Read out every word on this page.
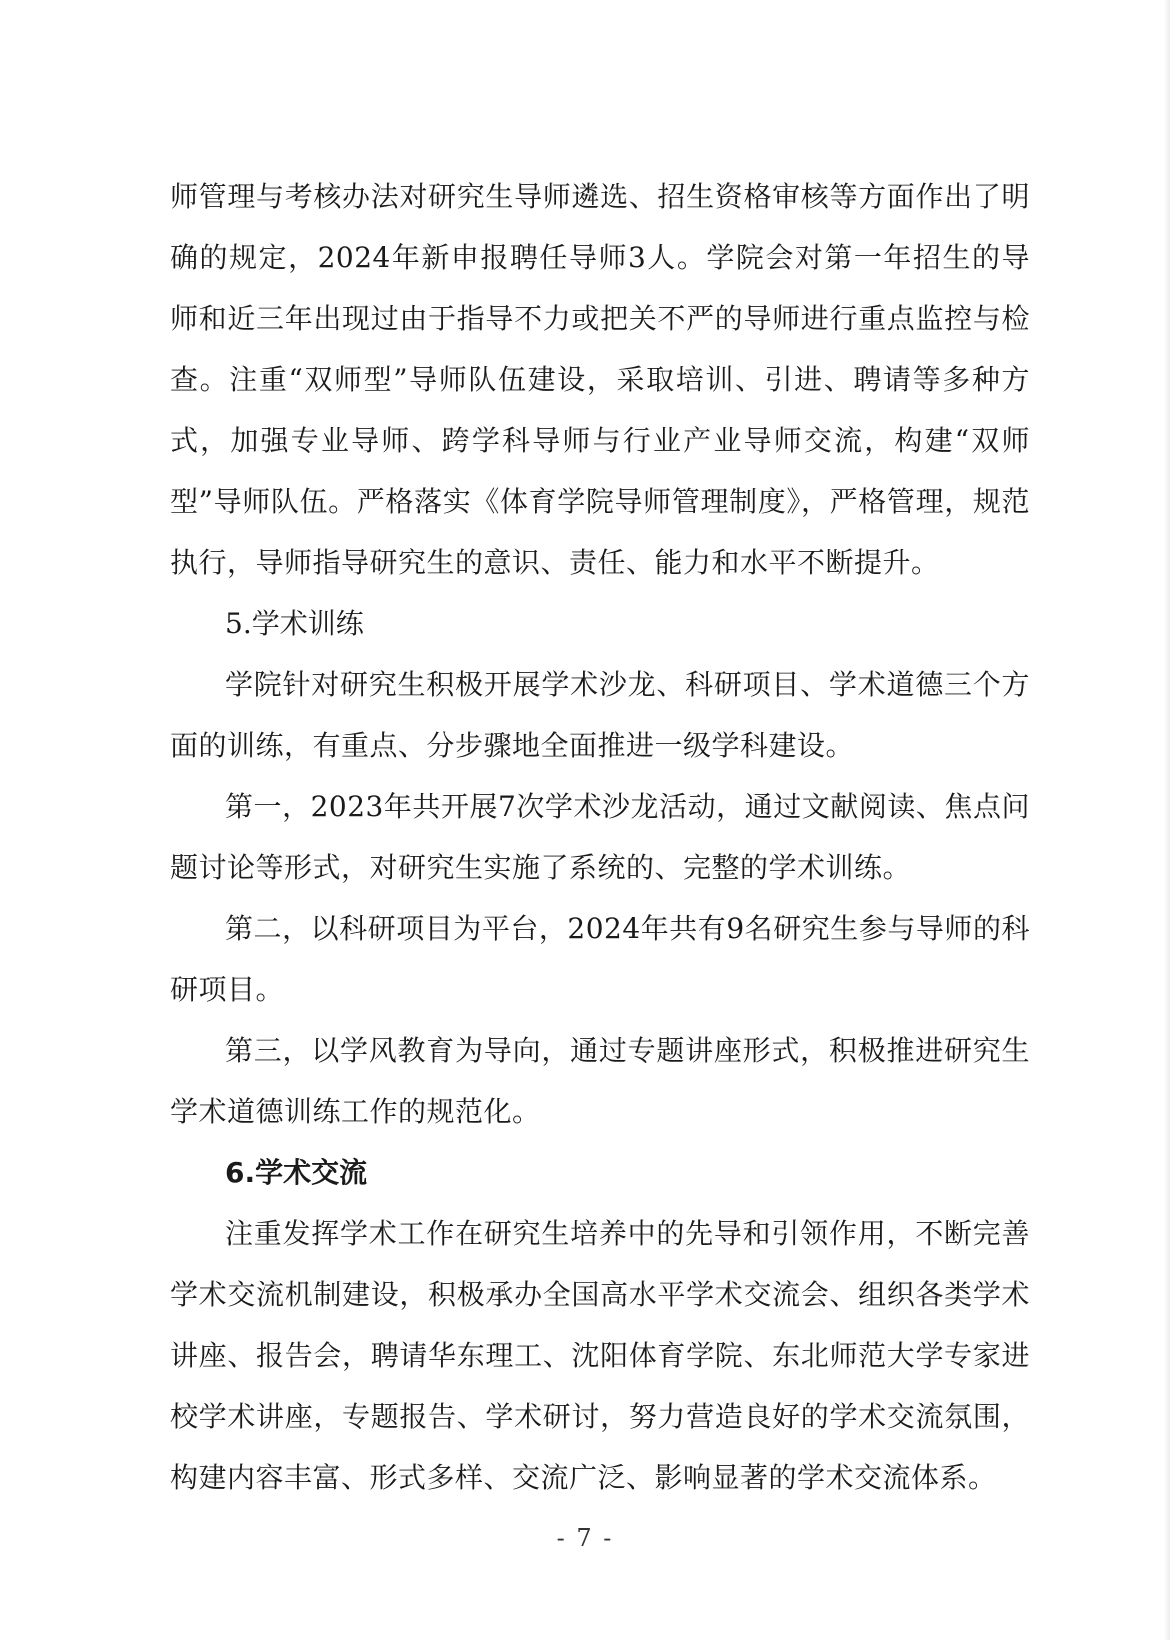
师管理与考核办法对研究生导师遴选、招生资格审核等方面作出了明确的规定，2024年新申报聘任导师3人。学院会对第一年招生的导师和近三年出现过由于指导不力或把关不严的导师进行重点监控与检查。注重“双师型”导师队伍建设，采取培训、引进、聘请等多种方式，加强专业导师、跨学科导师与行业产业导师交流，构建“双师型”导师队伍。严格落实《体育学院导师管理制度》，严格管理，规范执行，导师指导研究生的意识、责任、能力和水平不断提升。

5.学术训练

学院针对研究生积极开展学术沙龙、科研项目、学术道德三个方面的训练，有重点、分步骤地全面推进一级学科建设。

第一，2023年共开展7次学术沙龙活动，通过文献阅读、焦点问题讨论等形式，对研究生实施了系统的、完整的学术训练。

第二，以科研项目为平台，2024年共有9名研究生参与导师的科研项目。

第三，以学风教育为导向，通过专题讲座形式，积极推进研究生学术道德训练工作的规范化。

6.学术交流

注重发挥学术工作在研究生培养中的先导和引领作用，不断完善学术交流机制建设，积极承办全国高水平学术交流会、组织各类学术讲座、报告会，聘请华东理工、沈阳体育学院、东北师范大学专家进校学术讲座，专题报告、学术研讨，努力营造良好的学术交流氛围，构建内容丰富、形式多样、交流广泛、影响显著的学术交流体系。

- 7 -
